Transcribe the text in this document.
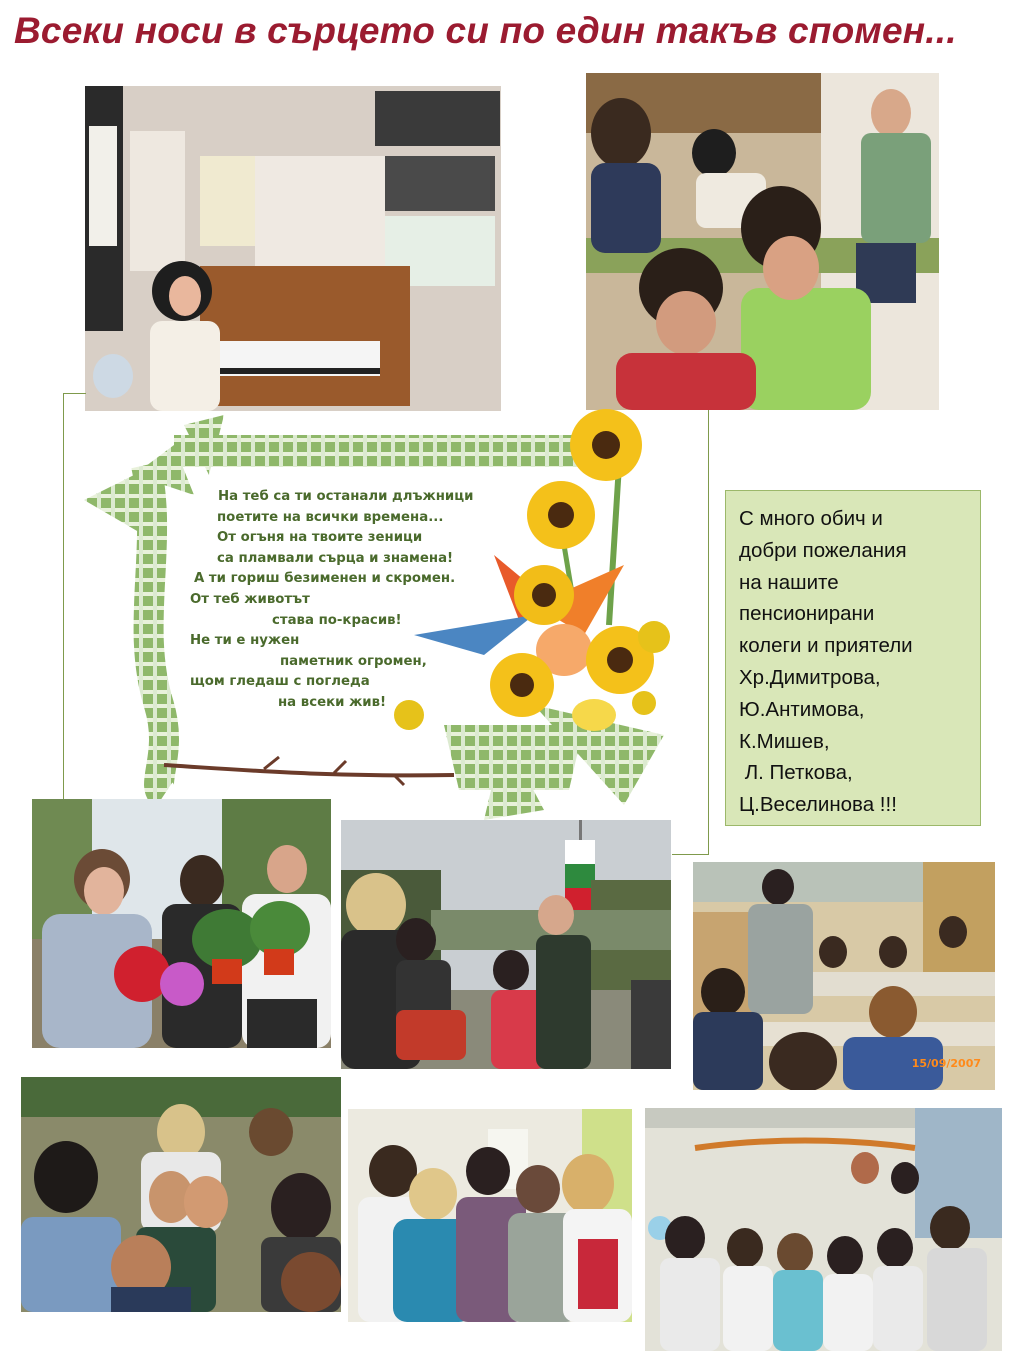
Всеки носи в сърцето си по един такъв спомен...
На теб са ти останали длъжници
поетите на всички времена...
От огъня на твоите зеници
са пламвали сърца и знамена!
А ти гориш безименен и скромен.
От теб животът
става по-красив!
Не ти е нужен
паметник огромен,
щом гледаш с погледа
на всеки жив!
С много обич и
добри пожелания
на нашите
пенсионирани
колеги и приятели
Хр.Димитрова,
Ю.Антимова,
К.Мишев,
Л. Петкова,
Ц.Веселинова !!!
15/09/2007
